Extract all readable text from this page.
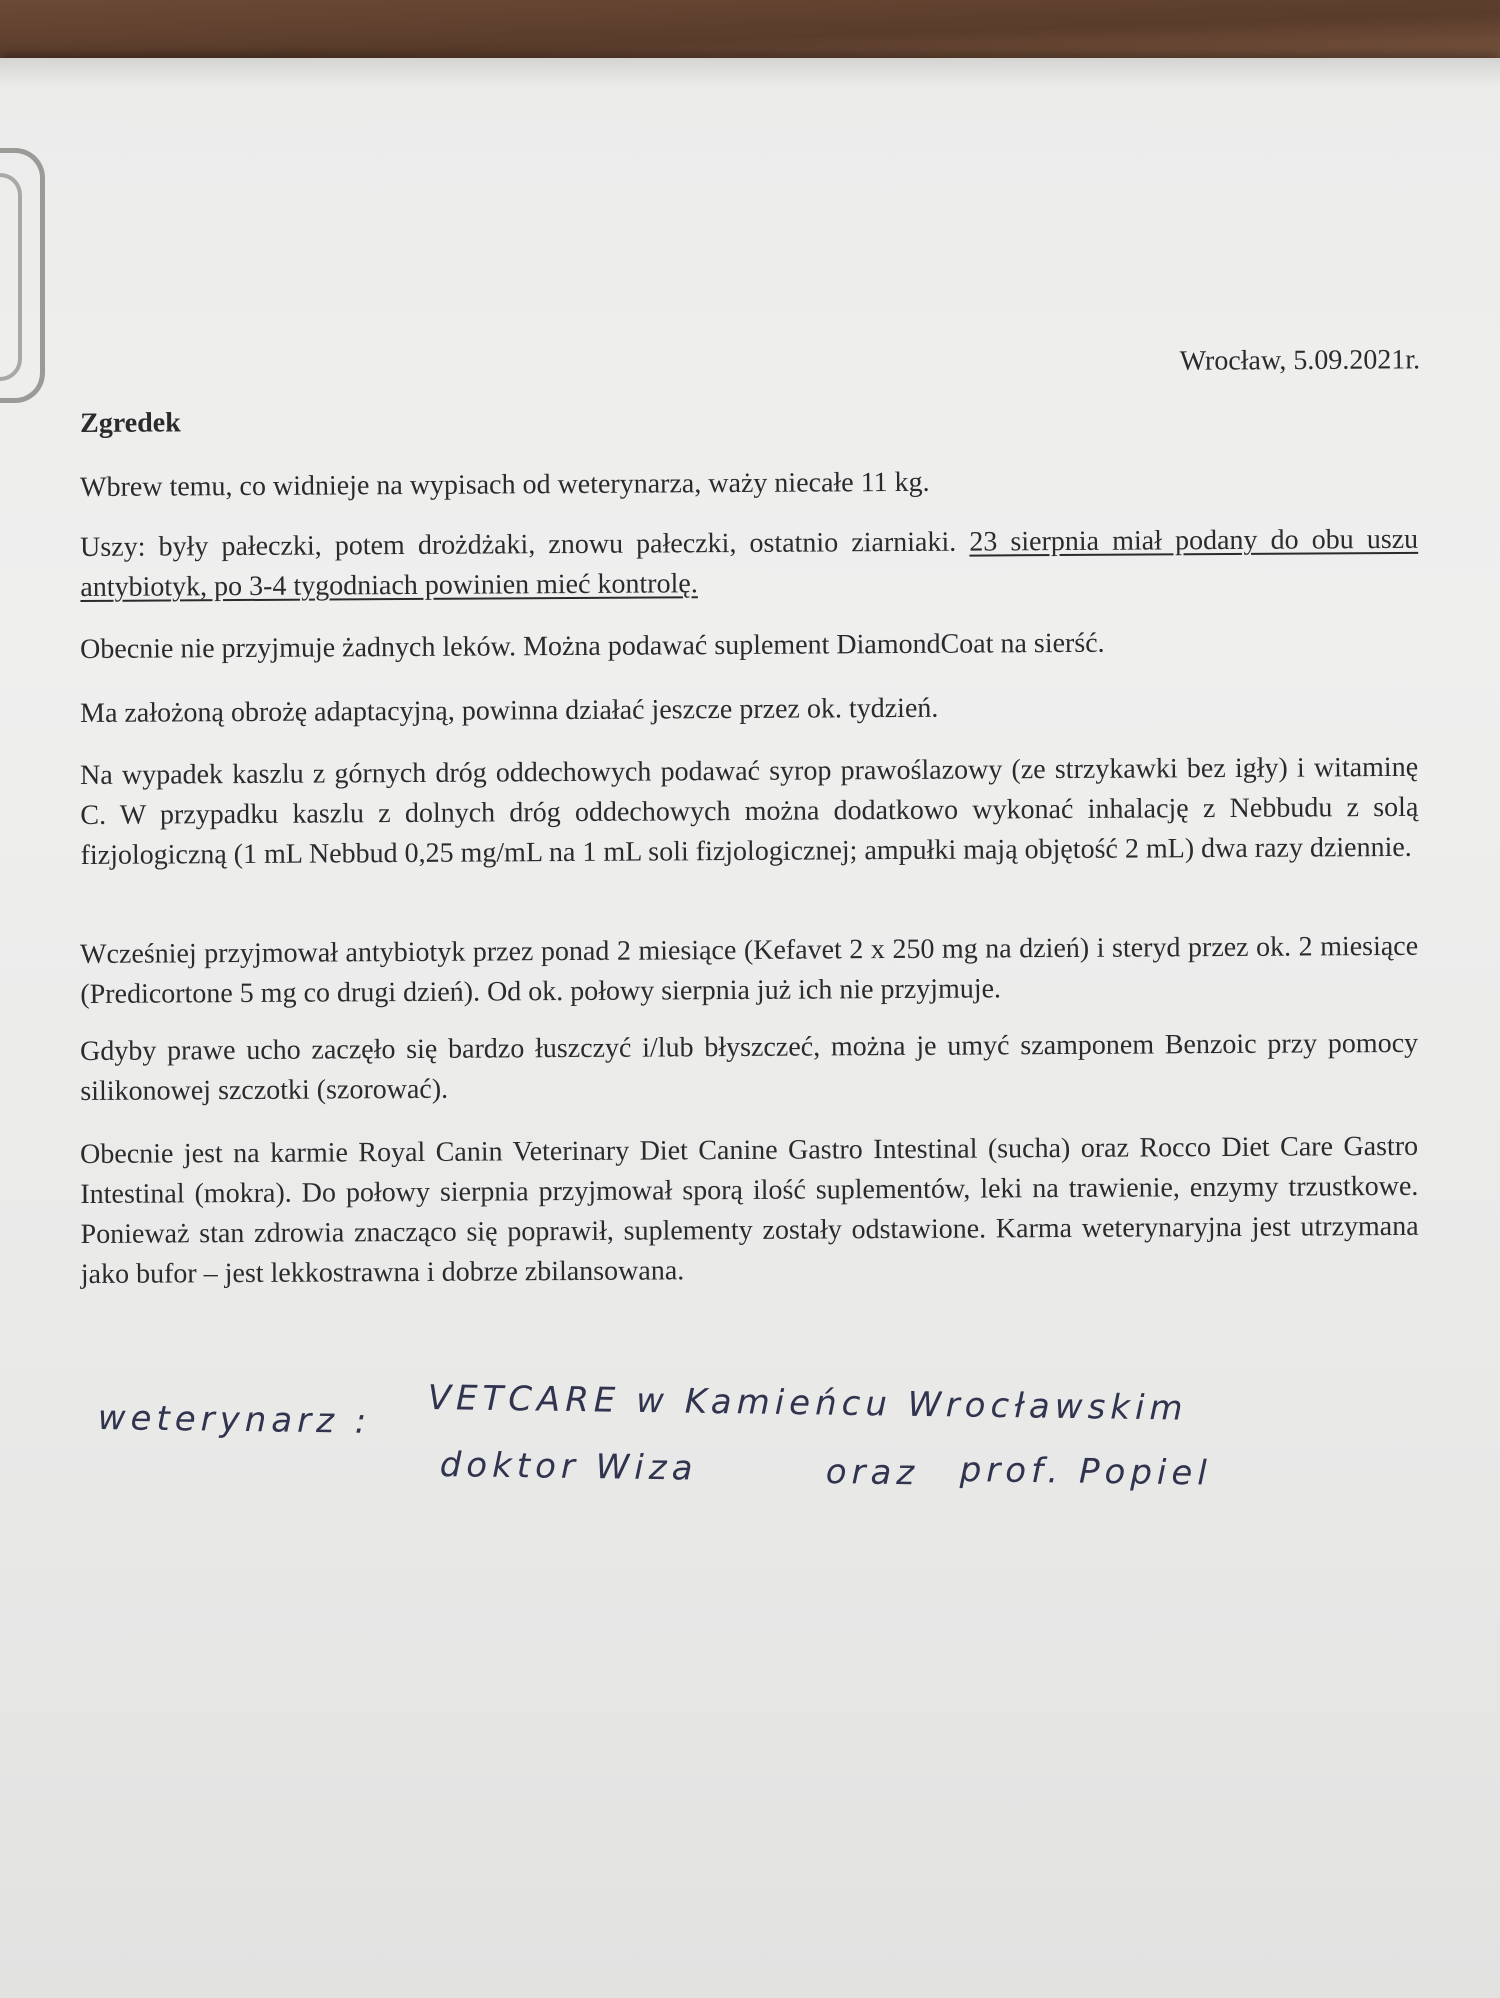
Wrocław, 5.09.2021r.
Zgredek
Wbrew temu, co widnieje na wypisach od weterynarza, waży niecałe 11 kg.
Uszy: były pałeczki, potem drożdżaki, znowu pałeczki, ostatnio ziarniaki. 23 sierpnia miał podany do obu uszu antybiotyk, po 3-4 tygodniach powinien mieć kontrolę.
Obecnie nie przyjmuje żadnych leków. Można podawać suplement DiamondCoat na sierść.
Ma założoną obrożę adaptacyjną, powinna działać jeszcze przez ok. tydzień.
Na wypadek kaszlu z górnych dróg oddechowych podawać syrop prawoślazowy (ze strzykawki bez igły) i witaminę C. W przypadku kaszlu z dolnych dróg oddechowych można dodatkowo wykonać inhalację z Nebbudu z solą fizjologiczną (1 mL Nebbud 0,25 mg/mL na 1 mL soli fizjologicznej; ampułki mają objętość 2 mL) dwa razy dziennie.
Wcześniej przyjmował antybiotyk przez ponad 2 miesiące (Kefavet 2 x 250 mg na dzień) i steryd przez ok. 2 miesiące (Predicortone 5 mg co drugi dzień). Od ok. połowy sierpnia już ich nie przyjmuje.
Gdyby prawe ucho zaczęło się bardzo łuszczyć i/lub błyszczeć, można je umyć szamponem Benzoic przy pomocy silikonowej szczotki (szorować).
Obecnie jest na karmie Royal Canin Veterinary Diet Canine Gastro Intestinal (sucha) oraz Rocco Diet Care Gastro Intestinal (mokra). Do połowy sierpnia przyjmował sporą ilość suplementów, leki na trawienie, enzymy trzustkowe. Ponieważ stan zdrowia znacząco się poprawił, suplementy zostały odstawione. Karma weterynaryjna jest utrzymana jako bufor – jest lekkostrawna i dobrze zbilansowana.
weterynarz : VETCARE w Kamieńcu Wrocławskim
doktor Wiza	oraz prof. Popiel
